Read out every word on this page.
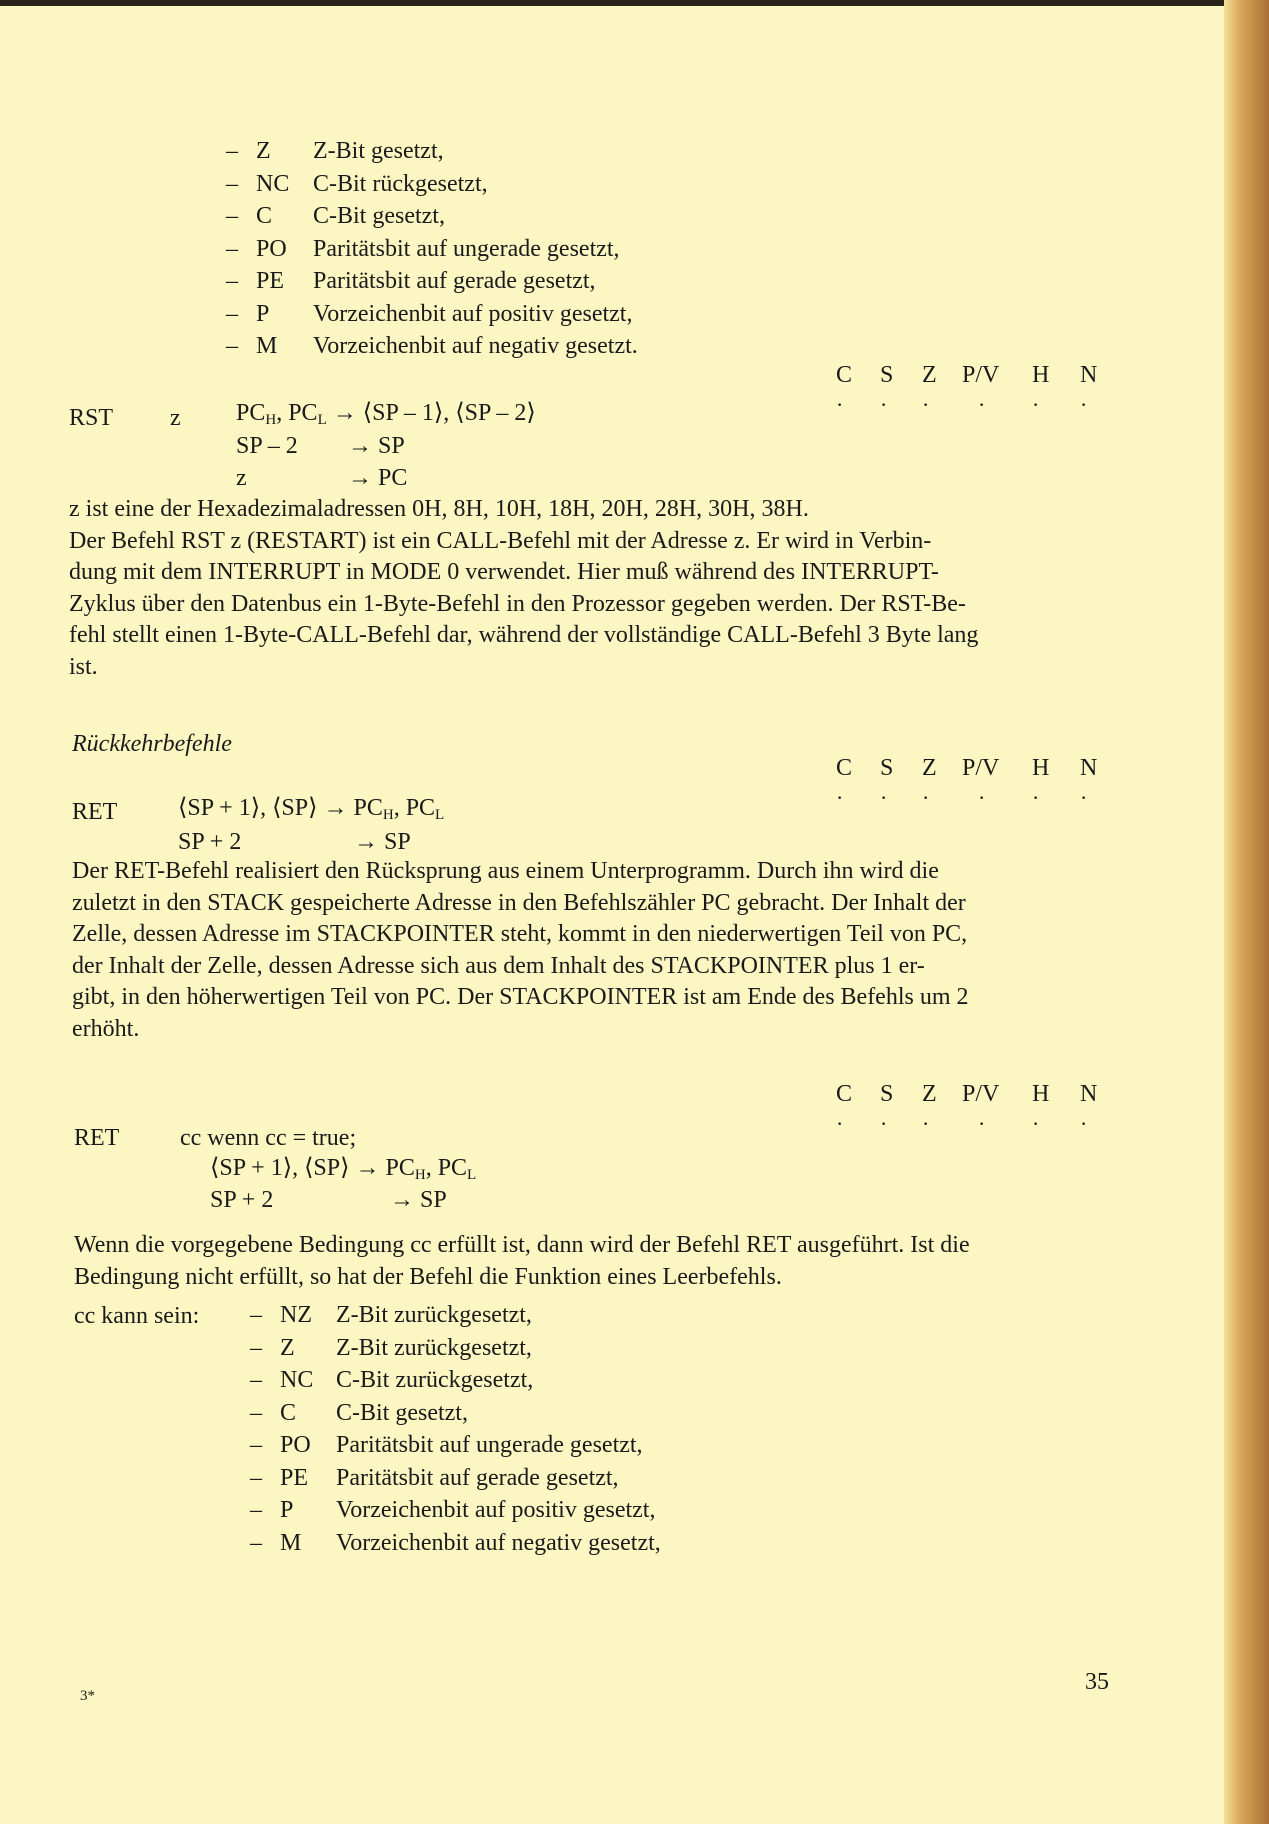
– Z Z-Bit gesetzt,
– NC C-Bit rückgesetzt,
– C C-Bit gesetzt,
– PO Paritätsbit auf ungerade gesetzt,
– PE Paritätsbit auf gerade gesetzt,
– P Vorzeichenbit auf positiv gesetzt,
– M Vorzeichenbit auf negativ gesetzt.
C S Z P/V H N
· · · · · ·
RST z $PC_H$, $PC_L$ → ⟨SP – 1⟩, ⟨SP – 2⟩
SP – 2 → SP
z	→ PC
z ist eine der Hexadezimaladressen 0H, 8H, 10H, 18H, 20H, 28H, 30H, 38H.
Der Befehl RST z (RESTART) ist ein CALL-Befehl mit der Adresse z. Er wird in Verbin-
dung mit dem INTERRUPT in MODE 0 verwendet. Hier muß während des INTERRUPT-
Zyklus über den Datenbus ein 1-Byte-Befehl in den Prozessor gegeben werden. Der RST-Be-
fehl stellt einen 1-Byte-CALL-Befehl dar, während der vollständige CALL-Befehl 3 Byte lang
ist.
Rückkehrbefehle
C S Z P/V H N
· · · · · ·
RET	⟨SP + 1⟩, ⟨SP⟩ → $PC_H$, $PC_L$
SP + 2	→ SP
Der RET-Befehl realisiert den Rücksprung aus einem Unterprogramm. Durch ihn wird die
zuletzt in den STACK gespeicherte Adresse in den Befehlszähler PC gebracht. Der Inhalt der
Zelle, dessen Adresse im STACKPOINTER steht, kommt in den niederwertigen Teil von PC,
der Inhalt der Zelle, dessen Adresse sich aus dem Inhalt des STACKPOINTER plus 1 er-
gibt, in den höherwertigen Teil von PC. Der STACKPOINTER ist am Ende des Befehls um 2
erhöht.
C S Z P/V H N
· · · · · ·
RET	cc wenn cc = true;
⟨SP + 1⟩, ⟨SP⟩ → $PC_H$, $PC_L$
SP + 2	→ SP
Wenn die vorgegebene Bedingung cc erfüllt ist, dann wird der Befehl RET ausgeführt. Ist die
Bedingung nicht erfüllt, so hat der Befehl die Funktion eines Leerbefehls.
cc kann sein: – NZ Z-Bit zurückgesetzt,
– Z Z-Bit zurückgesetzt,
– NC C-Bit zurückgesetzt,
– C C-Bit gesetzt,
– PO Paritätsbit auf ungerade gesetzt,
– PE Paritätsbit auf gerade gesetzt,
– P Vorzeichenbit auf positiv gesetzt,
– M Vorzeichenbit auf negativ gesetzt,
3*
35
